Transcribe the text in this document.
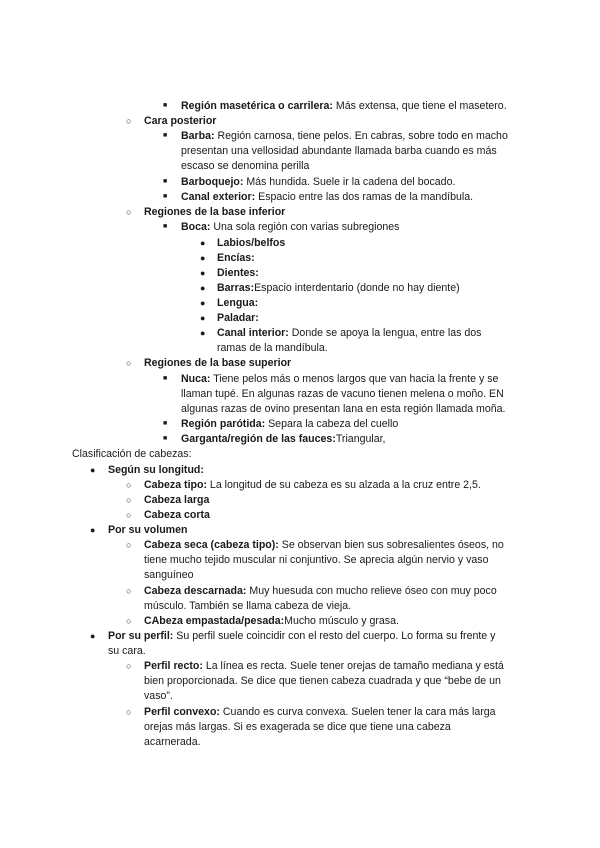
■ Región masetérica o carrilera: Más extensa, que tiene el masetero.
○ Cara posterior
■ Barba: Región carnosa, tiene pelos. En cabras, sobre todo en macho
presentan una vellosidad abundante llamada barba cuando es más
escaso se denomina perilla
■ Barboquejo: Más hundida. Suele ir la cadena del bocado.
■ Canal exterior: Espacio entre las dos ramas de la mandíbula.
○ Regiones de la base inferior
■ Boca: Una sola región con varias subregiones
● Labios/belfos
● Encías:
● Dientes:
● Barras:Espacio interdentario (donde no hay diente)
● Lengua:
● Paladar:
● Canal interior: Donde se apoya la lengua, entre las dos
ramas de la mandíbula.
○ Regiones de la base superior
■ Nuca: Tiene pelos más o menos largos que van hacia la frente y se
llaman tupé. En algunas razas de vacuno tienen melena o moño. EN
algunas razas de ovino presentan lana en esta región llamada moña.
■ Región parótida: Separa la cabeza del cuello
■ Garganta/región de las fauces:Triangular,
Clasificación de cabezas:
● Según su longitud:
○ Cabeza tipo: La longitud de su cabeza es su alzada a la cruz entre 2,5.
○ Cabeza larga
○ Cabeza corta
● Por su volumen
○ Cabeza seca (cabeza tipo): Se observan bien sus sobresalientes óseos, no
tiene mucho tejido muscular ni conjuntivo. Se aprecia algún nervio y vaso
sanguíneo
○ Cabeza descarnada: Muy huesuda con mucho relieve óseo con muy poco
músculo. También se llama cabeza de vieja.
○ CAbeza empastada/pesada:Mucho músculo y grasa.
● Por su perfil: Su perfil suele coincidir con el resto del cuerpo. Lo forma su frente y
su cara.
○ Perfil recto: La línea es recta. Suele tener orejas de tamaño mediana y está
bien proporcionada. Se dice que tienen cabeza cuadrada y que “bebe de un
vaso”.
○ Perfil convexo: Cuando es curva convexa. Suelen tener la cara más larga
orejas más largas. Si es exagerada se dice que tiene una cabeza
acarnerada.
